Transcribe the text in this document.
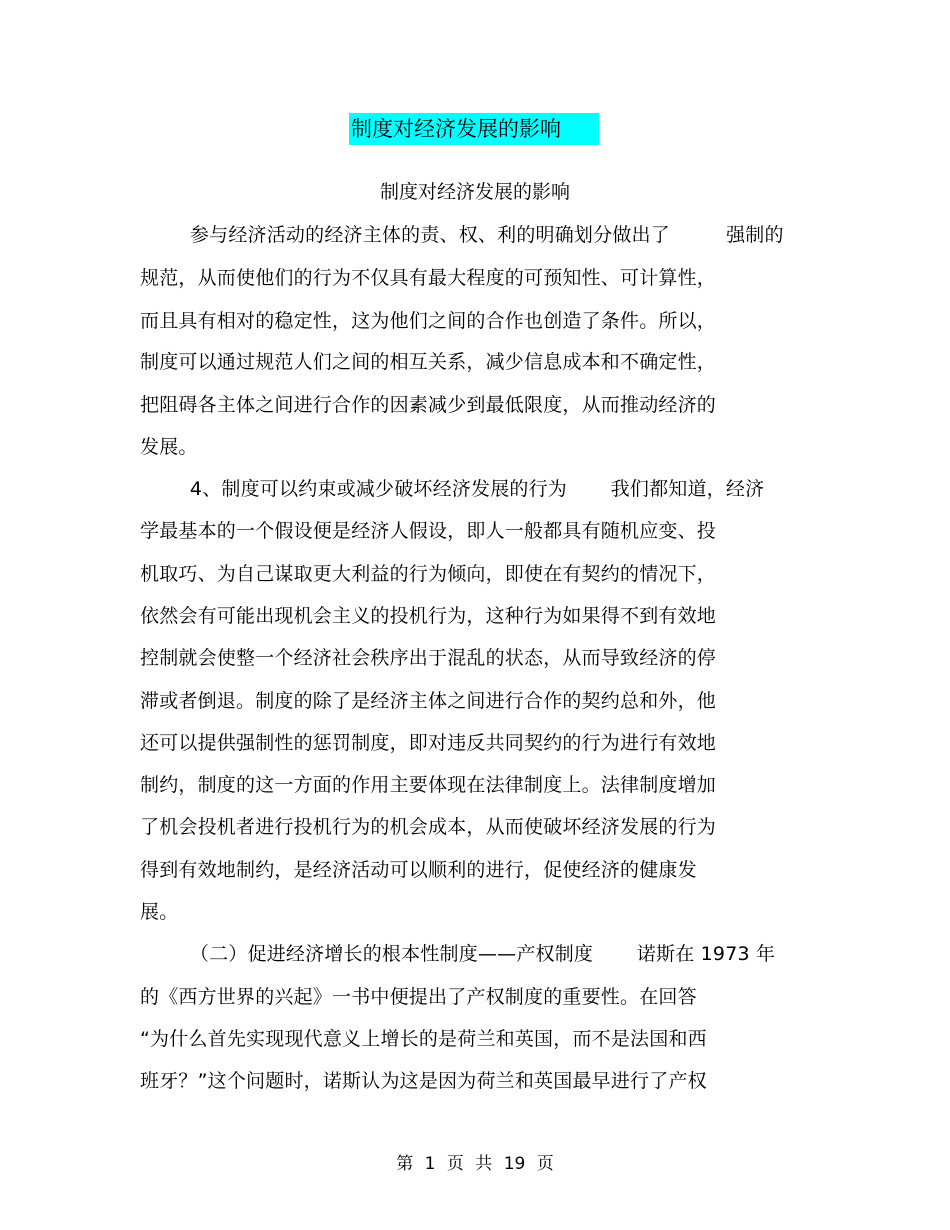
制度对经济发展的影响
制度对经济发展的影响
参与经济活动的经济主体的责、权、利的明确划分做出了         强制的
规范，从而使他们的行为不仅具有最大程度的可预知性、可计算性，
而且具有相对的稳定性，这为他们之间的合作也创造了条件。所以，
制度可以通过规范人们之间的相互关系，减少信息成本和不确定性，
把阻碍各主体之间进行合作的因素减少到最低限度，从而推动经济的
发展。
4、制度可以约束或减少破坏经济发展的行为       我们都知道，经济
学最基本的一个假设便是经济人假设，即人一般都具有随机应变、投
机取巧、为自己谋取更大利益的行为倾向，即使在有契约的情况下，
依然会有可能出现机会主义的投机行为，这种行为如果得不到有效地
控制就会使整一个经济社会秩序出于混乱的状态，从而导致经济的停
滞或者倒退。制度的除了是经济主体之间进行合作的契约总和外，他
还可以提供强制性的惩罚制度，即对违反共同契约的行为进行有效地
制约，制度的这一方面的作用主要体现在法律制度上。法律制度增加
了机会投机者进行投机行为的机会成本，从而使破坏经济发展的行为
得到有效地制约，是经济活动可以顺利的进行，促使经济的健康发
展。
（二）促进经济增长的根本性制度——产权制度       诺斯在 1973 年
的《西方世界的兴起》一书中便提出了产权制度的重要性。在回答
“为什么首先实现现代意义上增长的是荷兰和英国，而不是法国和西
班牙？”这个问题时，诺斯认为这是因为荷兰和英国最早进行了产权
第 1 页 共 19 页
